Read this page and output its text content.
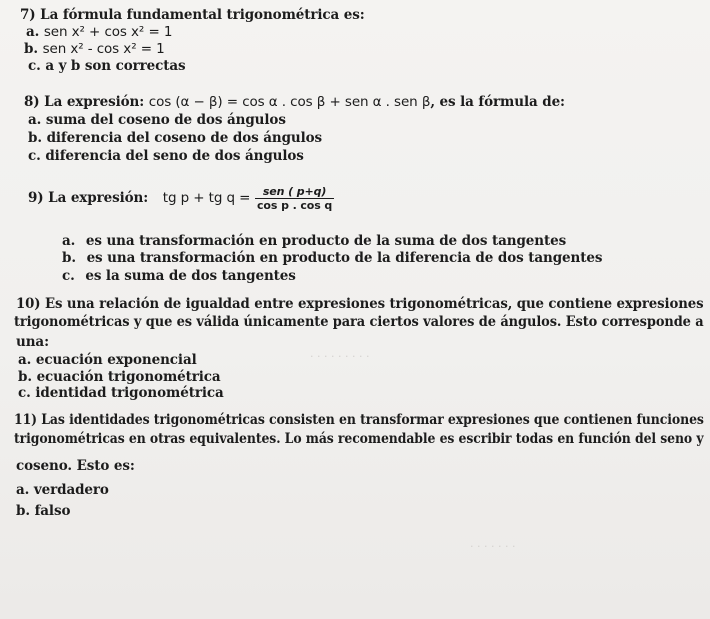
· · · · · · · · ·
· · · · · · ·
7) La fórmula fundamental trigonométrica es:
a. sen x² + cos x² = 1
b. sen x² - cos x² = 1
c. a y b son correctas
8) La expresión: cos (α − β) = cos α . cos β + sen α . sen β, es la fórmula de:
a. suma del coseno de dos ángulos
b. diferencia del coseno de dos ángulos
c. diferencia del seno de dos ángulos
9) La expresión: tg p + tg $q = \frac{\text{sen ( p+q)}}{\text{cos p . cos q}}$
a. es una transformación en producto de la suma de dos tangentes
b. es una transformación en producto de la diferencia de dos tangentes
c. es la suma de dos tangentes
10) Es una relación de igualdad entre expresiones trigonométricas, que contiene expresiones
trigonométricas y que es válida únicamente para ciertos valores de ángulos. Esto corresponde a
una:
a. ecuación exponencial
b. ecuación trigonométrica
c. identidad trigonométrica
11) Las identidades trigonométricas consisten en transformar expresiones que contienen funciones
trigonométricas en otras equivalentes. Lo más recomendable es escribir todas en función del seno y
coseno. Esto es:
a. verdadero
b. falso
